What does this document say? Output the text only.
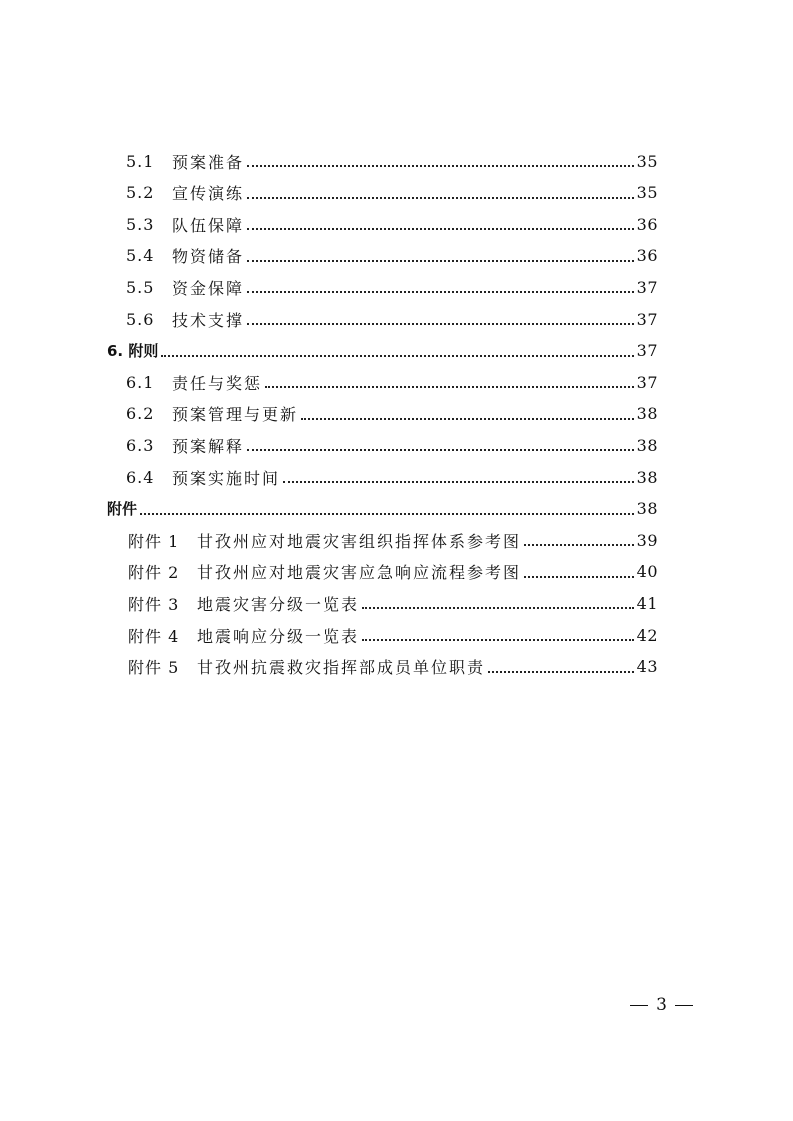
5.1	预案准备	35
5.2	宣传演练	35
5.3	队伍保障	36
5.4	物资储备	36
5.5	资金保障	37
5.6	技术支撑	37
6. 附则	37
6.1	责任与奖惩	37
6.2	预案管理与更新	38
6.3	预案解释	38
6.4	预案实施时间	38
附件	38
附件 1	甘孜州应对地震灾害组织指挥体系参考图	39
附件 2	甘孜州应对地震灾害应急响应流程参考图	40
附件 3	地震灾害分级一览表	41
附件 4	地震响应分级一览表	42
附件 5	甘孜州抗震救灾指挥部成员单位职责	43
3
